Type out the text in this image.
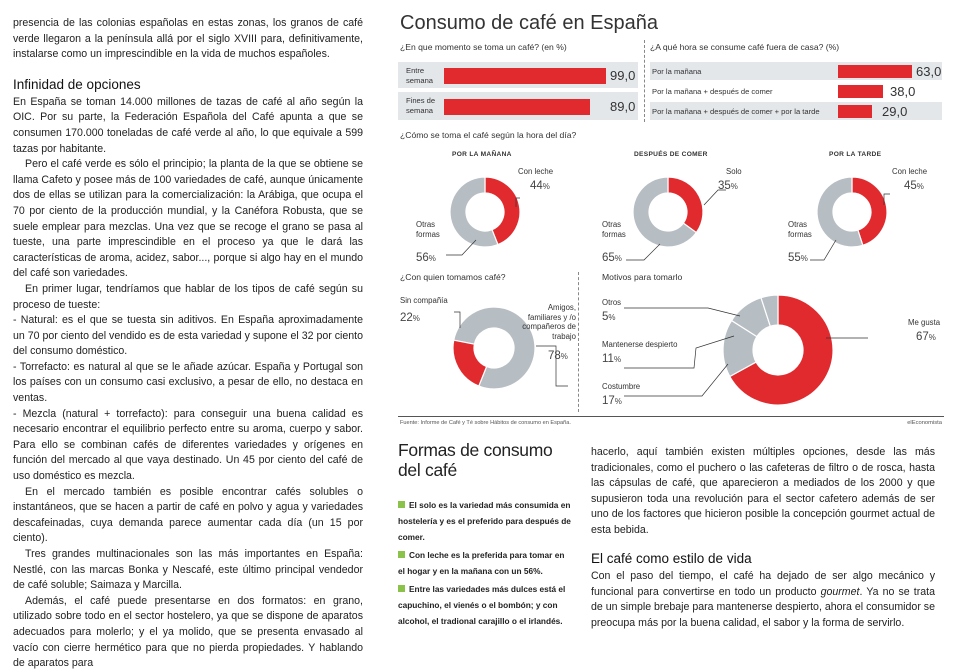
presencia de las colonias españolas en estas zonas, los granos de café verde llegaron a la península allá por el siglo XVIII para, definitivamente, instalarse como un imprescindible en la vida de muchos españoles.

Infinidad de opciones

En España se toman 14.000 millones de tazas de café al año según la OIC. Por su parte, la Federación Española del Café apunta a que se consumen 170.000 toneladas de café verde al año, lo que equivale a 599 tazas por habitante.

Pero el café verde es sólo el principio; la planta de la que se obtiene se llama Cafeto y posee más de 100 variedades de café, aunque únicamente dos de ellas se utilizan para la comercialización: la Arábiga, que ocupa el 70 por ciento de la producción mundial, y la Canéfora Robusta, que se suele emplear para mezclas. Una vez que se recoge el grano se pasa al tueste, una parte imprescindible en el proceso ya que le dará las características de aroma, acidez, sabor..., porque si algo hay en el mundo del café son variedades.

En primer lugar, tendríamos que hablar de los tipos de café según su proceso de tueste:

- Natural: es el que se tuesta sin aditivos. En España aproximadamente un 70 por ciento del vendido es de esta variedad y supone el 32 por ciento del consumo doméstico.

- Torrefacto: es natural al que se le añade azúcar. España y Portugal son los países con un consumo casi exclusivo, a pesar de ello, no destaca en ventas.

- Mezcla (natural + torrefacto): para conseguir una buena calidad es necesario encontrar el equilibrio perfecto entre su aroma, cuerpo y sabor. Para ello se combinan cafés de diferentes variedades y orígenes en función del mercado al que vaya destinado. Un 45 por ciento del café de uso doméstico es mezcla.

En el mercado también es posible encontrar cafés solubles o instantáneos, que se hacen a partir de café en polvo y agua y variedades descafeinadas, cuya demanda parece aumentar cada día (un 15 por ciento).

Tres grandes multinacionales son las más importantes en España: Nestlé, con las marcas Bonka y Nescafé, este último principal vendedor de café soluble; Saimaza y Marcilla.

Además, el café puede presentarse en dos formatos: en grano, utilizado sobre todo en el sector hostelero, ya que se dispone de aparatos adecuados para molerlo; y el ya molido, que se presenta envasado al vacío con cierre hermético para que no pierda propiedades. Y hablando de aparatos para

Consumo de café en España
¿En que momento se toma un café? (en %)
Entre semana
Fines de semana
99,0
89,0
¿A qué hora se consume café fuera de casa? (%)
Por la mañana
Por la mañana + después de comer
Por la mañana + después de comer + por la tarde
63,0
38,0
29,0
¿Cómo se toma el café según la hora del día?
POR LA MAÑANA	DESPUÉS DE COMER	POR LA TARDE
Con leche
44%
Otras formas
56%
Solo
35%
Otras formas
65%
Con leche
45%
Otras formas
55%
¿Con quien tomamos café?	Motivos para tomarlo
Sin compañía
22%
Amigos, familiares y /o compañeros de trabajo
78%
Otros
5%
Mantenerse despierto
11%
Costumbre
17%
Me gusta
67%
Fuente: Informe de Café y Té sobre Hábitos de consumo en España.	elEconomista
Formas de consumo
del café

El solo es la variedad más consumida en hostelería y es el preferido para después de comer.

Con leche es la preferida para tomar en el hogar y en la mañana con un 56%.

Entre las variedades más dulces está el capuchino, el vienés o el bombón; y con alcohol, el tradional carajillo o el irlandés.

hacerlo, aquí también existen múltiples opciones, desde las más tradicionales, como el puchero o las cafeteras de filtro o de rosca, hasta las cápsulas de café, que aparecieron a mediados de los 2000 y que supusieron toda una revolución para el sector cafetero además de ser uno de los factores que hicieron posible la concepción gourmet actual de esta bebida.

El café como estilo de vida

Con el paso del tiempo, el café ha dejado de ser algo mecánico y funcional para convertirse en todo un producto gourmet. Ya no se trata de un simple brebaje para mantenerse despierto, ahora el consumidor se preocupa más por la buena calidad, el sabor y la forma de servirlo.
